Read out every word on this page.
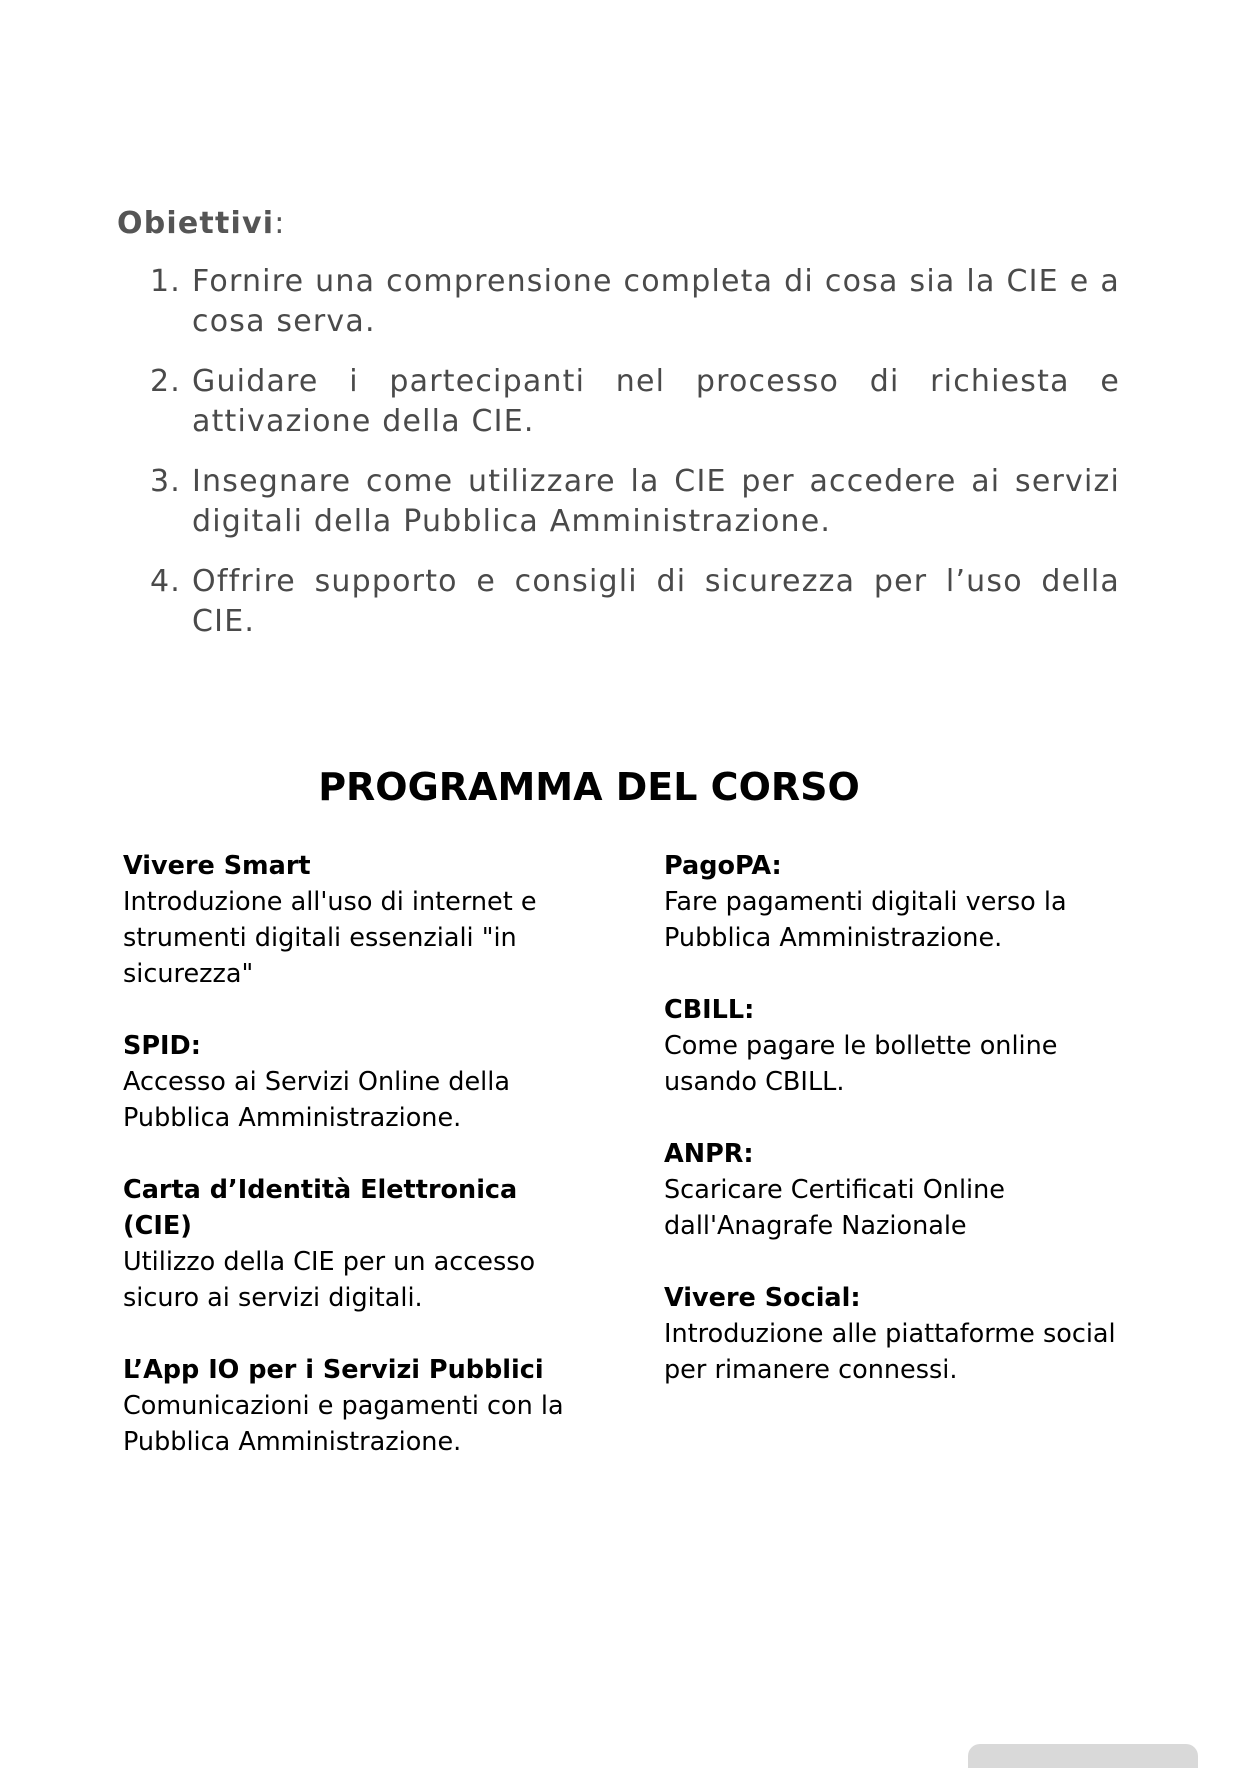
Obiettivi:

1. Fornire una comprensione completa di cosa sia la CIE e a cosa serva.
2. Guidare i partecipanti nel processo di richiesta e attivazione della CIE.
3. Insegnare come utilizzare la CIE per accedere ai servizi digitali della Pubblica Amministrazione.
4. Offrire supporto e consigli di sicurezza per l’uso della CIE.
PROGRAMMA DEL CORSO
Vivere Smart
Introduzione all'uso di internet e strumenti digitali essenziali "in sicurezza"
SPID:
Accesso ai Servizi Online della Pubblica Amministrazione.
Carta d’Identità Elettronica (CIE)
Utilizzo della CIE per un accesso sicuro ai servizi digitali.
L’App IO per i Servizi Pubblici
Comunicazioni e pagamenti con la Pubblica Amministrazione.
PagoPA:
Fare pagamenti digitali verso la Pubblica Amministrazione.
CBILL:
Come pagare le bollette online usando CBILL.
ANPR:
Scaricare Certificati Online dall'Anagrafe Nazionale
Vivere Social:
Introduzione alle piattaforme social per rimanere connessi.
